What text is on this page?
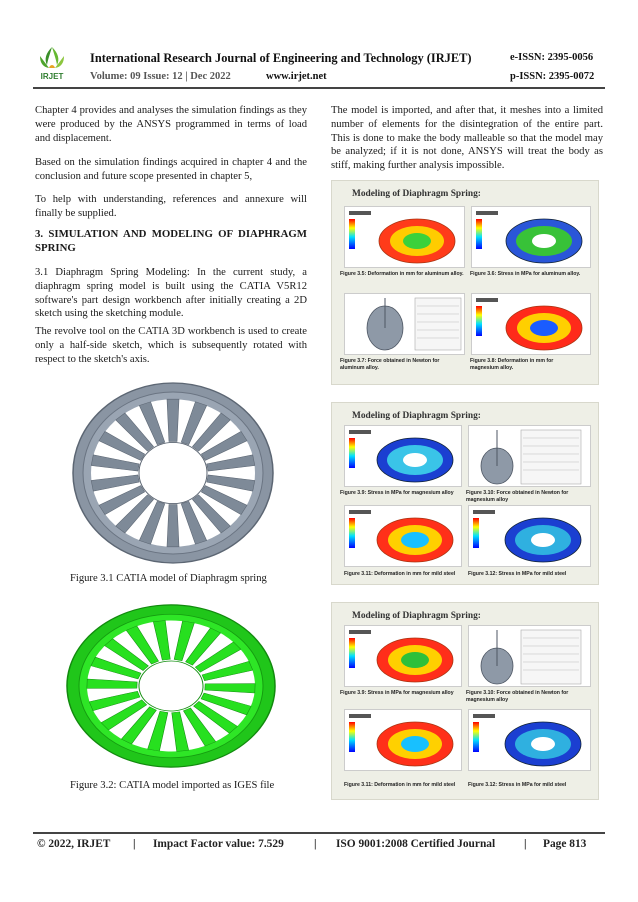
IRJET
International Research Journal of Engineering and Technology (IRJET)	e-ISSN: 2395-0056
Volume: 09 Issue: 12 | Dec 2022	www.irjet.net	p-ISSN: 2395-0072
Chapter 4 provides and analyses the simulation findings as they were produced by the ANSYS programmed in terms of load and displacement.
Based on the simulation findings acquired in chapter 4 and the conclusion and future scope presented in chapter 5,
To help with understanding, references and annexure will finally be supplied.
3. SIMULATION AND MODELING OF DIAPHRAGM SPRING
3.1 Diaphragm Spring Modeling: In the current study, a diaphragm spring model is built using the CATIA V5R12 software's part design workbench after initially creating a 2D sketch using the sketching module.
The revolve tool on the CATIA 3D workbench is used to create only a half-side sketch, which is subsequently rotated with respect to the sketch's axis.
Figure 3.1 CATIA model of Diaphragm spring
Figure 3.2: CATIA model imported as IGES file
The model is imported, and after that, it meshes into a limited number of elements for the disintegration of the entire part. This is done to make the body malleable so that the model may be analyzed; if it is not done, ANSYS will treat the body as stiff, making further analysis impossible.
Modeling of Diaphragm Spring:
Figure 3.5: Deformation in mm for aluminum alloy.	Figure 3.6: Stress in MPa for aluminum alloy.
Figure 3.7: Force obtained in Newton for aluminum alloy.
Figure 3.8: Deformation in mm for magnesium alloy.
Modeling of Diaphragm Spring:
Figure 3.9: Stress in MPa for magnesium alloy	Figure 3.10: Force obtained in Newton for magnesium alloy
Figure 3.11: Deformation in mm for mild steel	Figure 3.12: Stress in MPa for mild steel
Modeling of Diaphragm Spring:
Figure 3.9: Stress in MPa for magnesium alloy	Figure 3.10: Force obtained in Newton for magnesium alloy
Figure 3.11: Deformation in mm for mild steel	Figure 3.12: Stress in MPa for mild steel
© 2022, IRJET | Impact Factor value: 7.529	| ISO 9001:2008 Certified Journal	| Page 813
